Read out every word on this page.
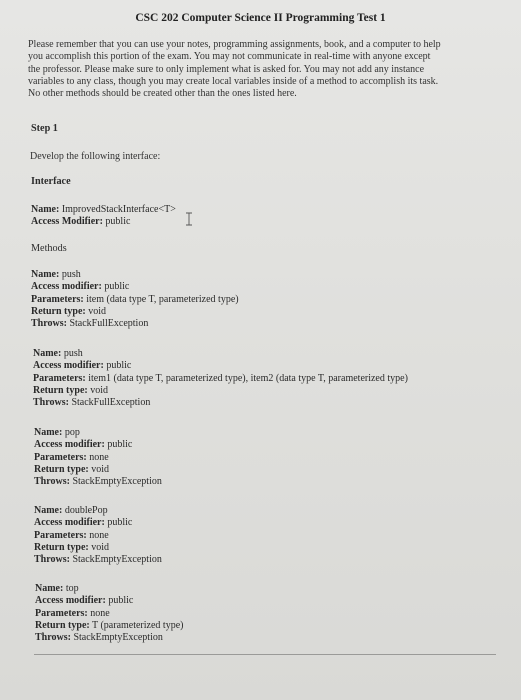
CSC 202 Computer Science II Programming Test 1
Please remember that you can use your notes, programming assignments, book, and a computer to help
you accomplish this portion of the exam. You may not communicate in real-time with anyone except
the professor. Please make sure to only implement what is asked for. You may not add any instance
variables to any class, though you may create local variables inside of a method to accomplish its task.
No other methods should be created other than the ones listed here.
Step 1
Develop the following interface:
Interface
Name: ImprovedStackInterface<T>
Access Modifier: public
Methods
Name: push
Access modifier: public
Parameters: item (data type T, parameterized type)
Return type: void
Throws: StackFullException
Name: push
Access modifier: public
Parameters: item1 (data type T, parameterized type), item2 (data type T, parameterized type)
Return type: void
Throws: StackFullException
Name: pop
Access modifier: public
Parameters: none
Return type: void
Throws: StackEmptyException
Name: doublePop
Access modifier: public
Parameters: none
Return type: void
Throws: StackEmptyException
Name: top
Access modifier: public
Parameters: none
Return type: T (parameterized type)
Throws: StackEmptyException
